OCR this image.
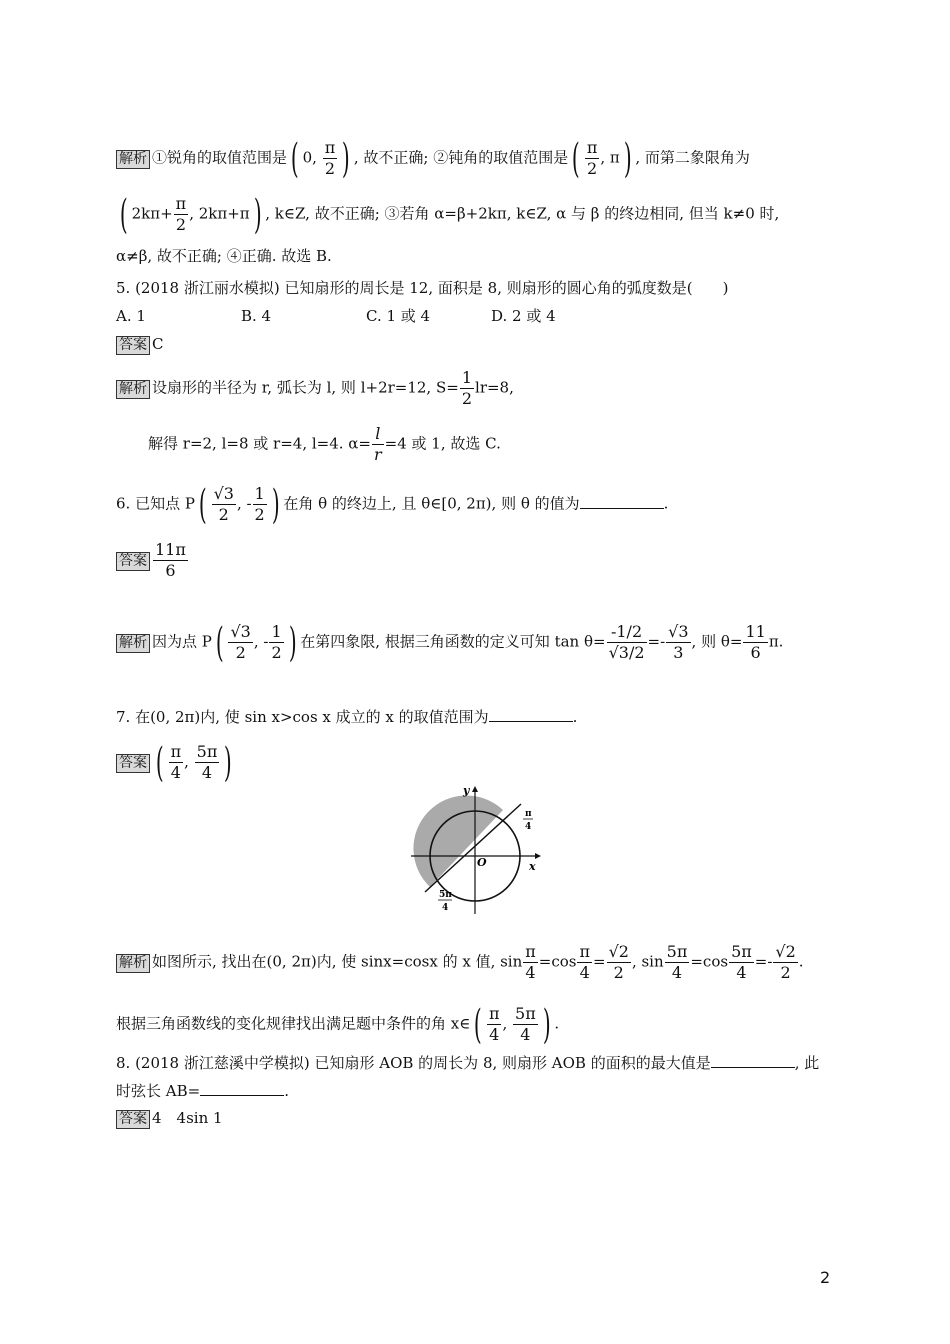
解析 ①锐角的取值范围是( 0, $\frac{\pi}{2}$ ) , 故不正确; ②钝角的取值范围是( $\frac{\pi}{2}$ , π) , 而第二象限角为
( $2k\pi+ \frac{\pi}{2}$ , 2kπ+π) , k∈Z, 故不正确; ③若角 α=β+2kπ, k∈Z, α 与 β 的终边相同, 但当 k≠0 时,
α≠β, 故不正确; ④正确. 故选 B.
5. (2018 浙江丽水模拟) 已知扇形的周长是 12, 面积是 8, 则扇形的圆心角的弧度数是(　　)
A. 1	B. 4	C. 1 或 4	D. 2 或 4
答案 C
解析 设扇形的半径为 r, 弧长为 l, 则 l+2r=12, $S= \frac{1}{2} lr=8$,
解得 r=2, l=8 或 r=4, l=4. $\alpha= \frac{l}{r} =4$ 或 1, 故选 C.
6. 已知点 $P( \frac{√3}{2}$ , - $\frac{1}{2}$ ) 在角 θ 的终边上, 且 θ∈[0, 2π), 则 θ 的值为	.
答案 $\frac{11\pi}{6}$
解析 因为点 $P( \frac{√3}{2}$ , - $\frac{1}{2}$ ) 在第四象限, 根据三角函数的定义可知 $\tan \theta= \frac{-1/2}{√3/2} =- \frac{√3}{3}$ , 则 $\theta= \frac{11}{6} \pi$.
7. 在(0, 2π)内, 使 sin x>cos x 成立的 x 的取值范围为	.
答案 ( $\frac{\pi}{4}$ , $\frac{5\pi}{4}$ )
y
x
O
π
4
5π
4
解析 如图所示, 找出在(0, 2π)内, 使 sinx=cosx 的 x 值, $\sin \frac{\pi}{4} =\cos \frac{\pi}{4} = \frac{√2}{2}$ , $\sin \frac{5\pi}{4} =\cos \frac{5\pi}{4} =- \frac{√2}{2}$ .
根据三角函数线的变化规律找出满足题中条件的角 x∈( $\frac{\pi}{4}$ , $\frac{5\pi}{4}$ ) .
8. (2018 浙江慈溪中学模拟) 已知扇形 AOB 的周长为 8, 则扇形 AOB 的面积的最大值是	, 此
时弦长 AB=	.
答案 4　4sin 1
2
